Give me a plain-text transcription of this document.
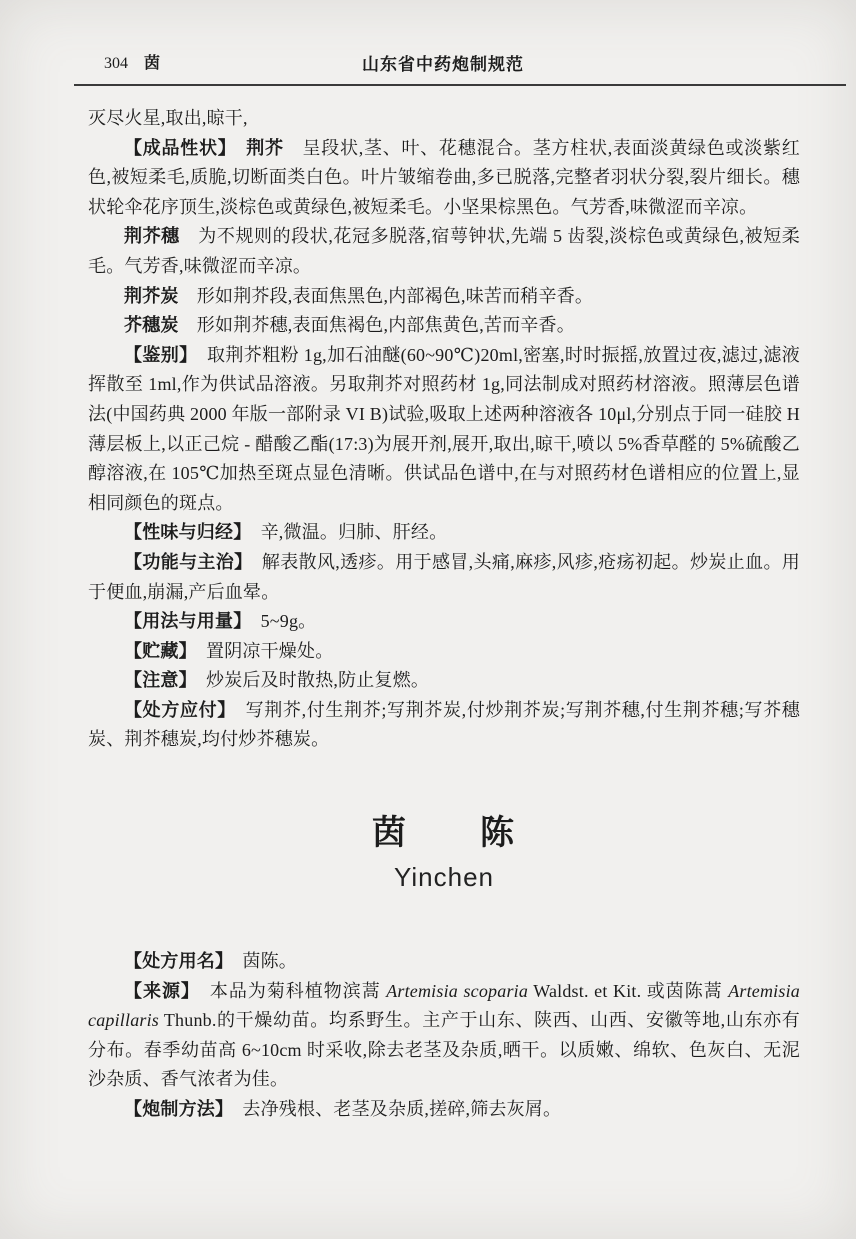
304 茵	山东省中药炮制规范

灭尽火星,取出,晾干,

【成品性状】　荆芥　呈段状,茎、叶、花穗混合。茎方柱状,表面淡黄绿色或淡紫红色,被短柔毛,质脆,切断面类白色。叶片皱缩卷曲,多已脱落,完整者羽状分裂,裂片细长。穗状轮伞花序顶生,淡棕色或黄绿色,被短柔毛。小坚果棕黑色。气芳香,味微涩而辛凉。

荆芥穗　为不规则的段状,花冠多脱落,宿萼钟状,先端 5 齿裂,淡棕色或黄绿色,被短柔毛。气芳香,味微涩而辛凉。

荆芥炭　形如荆芥段,表面焦黑色,内部褐色,味苦而稍辛香。

芥穗炭　形如荆芥穗,表面焦褐色,内部焦黄色,苦而辛香。

【鉴别】　取荆芥粗粉 1g,加石油醚(60~90℃)20ml,密塞,时时振摇,放置过夜,滤过,滤液挥散至 1ml,作为供试品溶液。另取荆芥对照药材 1g,同法制成对照药材溶液。照薄层色谱法(中国药典 2000 年版一部附录 VI B)试验,吸取上述两种溶液各 10μl,分别点于同一硅胶 H 薄层板上,以正己烷 - 醋酸乙酯(17:3)为展开剂,展开,取出,晾干,喷以 5%香草醛的 5%硫酸乙醇溶液,在 105℃加热至斑点显色清晰。供试品色谱中,在与对照药材色谱相应的位置上,显相同颜色的斑点。

【性味与归经】　辛,微温。归肺、肝经。

【功能与主治】　解表散风,透疹。用于感冒,头痛,麻疹,风疹,疮疡初起。炒炭止血。用于便血,崩漏,产后血晕。

【用法与用量】　5~9g。

【贮藏】　置阴凉干燥处。

【注意】　炒炭后及时散热,防止复燃。

【处方应付】　写荆芥,付生荆芥;写荆芥炭,付炒荆芥炭;写荆芥穗,付生荆芥穗;写芥穗炭、荆芥穗炭,均付炒芥穗炭。

茵　　陈
Yinchen

【处方用名】　茵陈。

【来源】　本品为菊科植物滨蒿 Artemisia scoparia Waldst. et Kit. 或茵陈蒿 Artemisia capillaris Thunb.的干燥幼苗。均系野生。主产于山东、陕西、山西、安徽等地,山东亦有分布。春季幼苗高 6~10cm 时采收,除去老茎及杂质,晒干。以质嫩、绵软、色灰白、无泥沙杂质、香气浓者为佳。

【炮制方法】　去净残根、老茎及杂质,搓碎,筛去灰屑。
